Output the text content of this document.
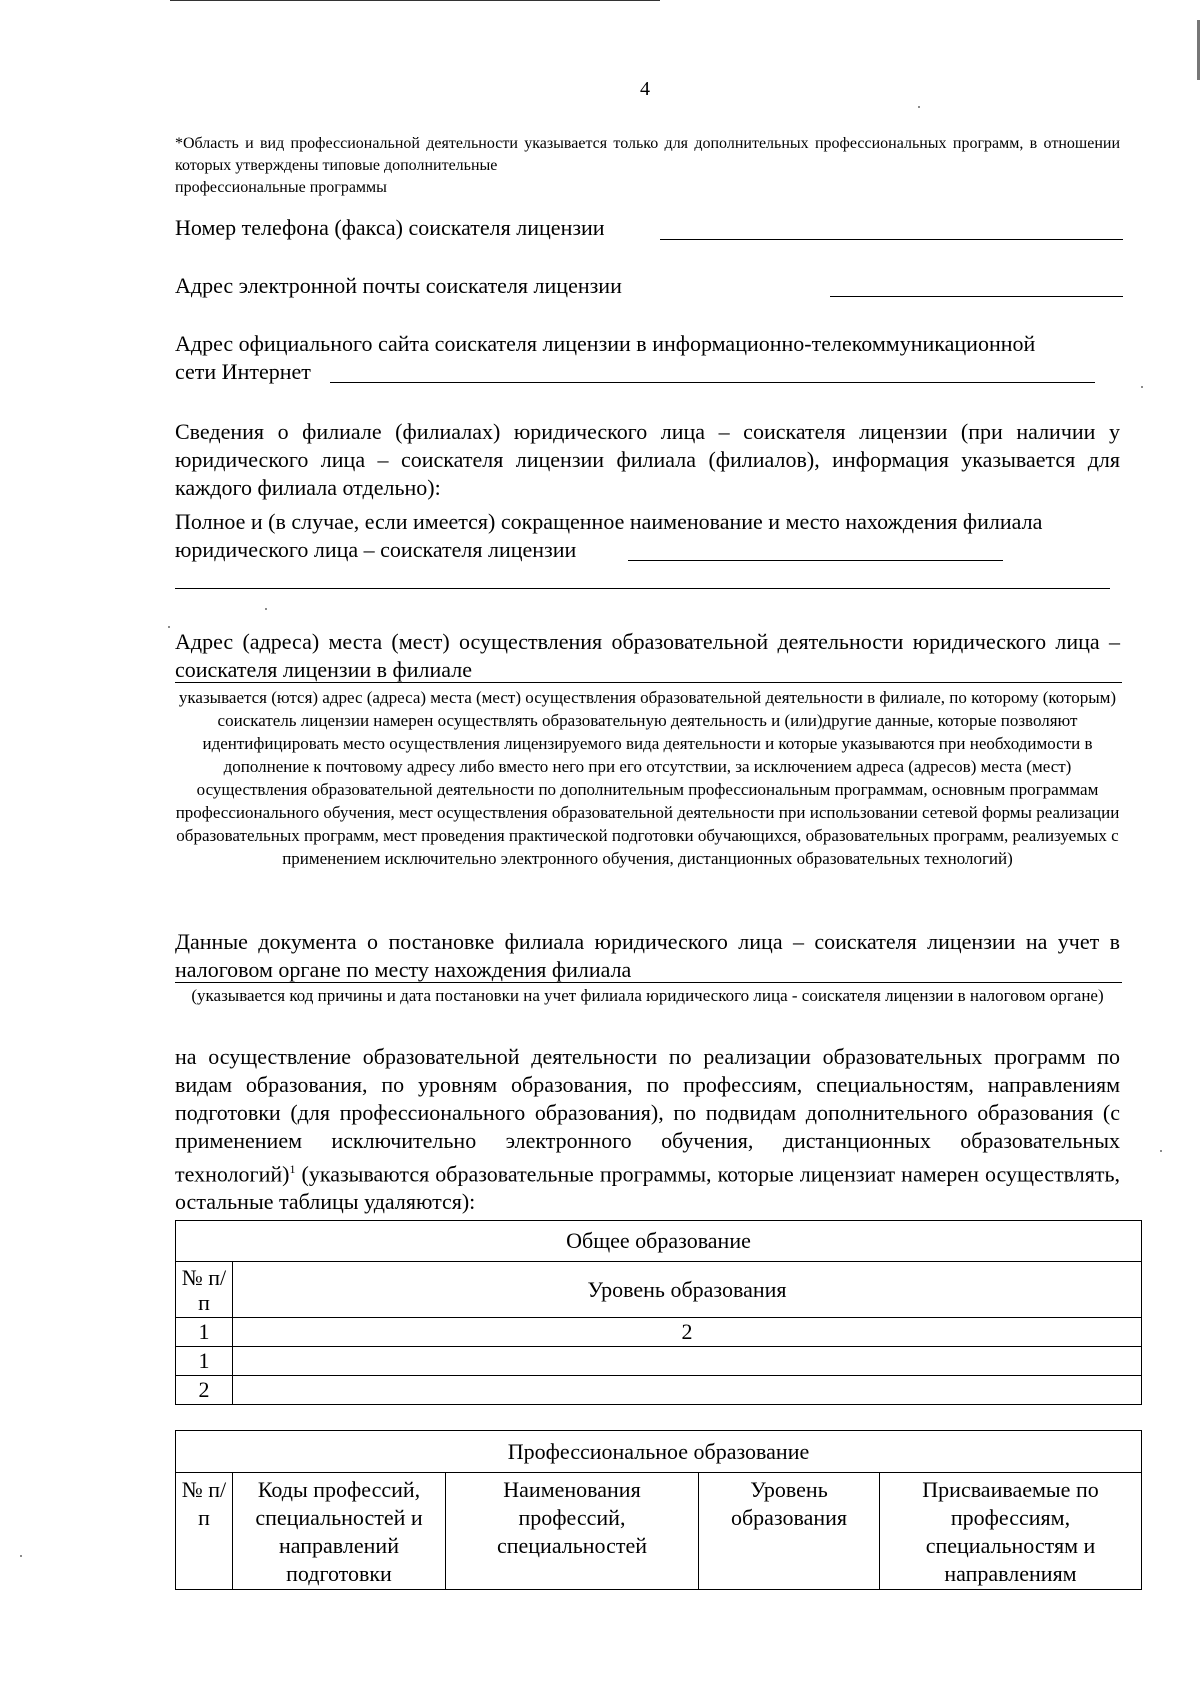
4
*Область и вид профессиональной деятельности указывается только для дополнительных профессиональных программ, в отношении которых утверждены типовые дополнительные
профессиональные программы
Номер телефона (факса) соискателя лицензии
Адрес электронной почты соискателя лицензии
Адрес официального сайта соискателя лицензии в информационно-телекоммуникационной
сети Интернет
Сведения о филиале (филиалах) юридического лица – соискателя лицензии (при наличии у юридического лица – соискателя лицензии филиала (филиалов), информация указывается для каждого филиала отдельно):
Полное и (в случае, если имеется) сокращенное наименование и место нахождения филиала
юридического лица – соискателя лицензии
Адрес (адреса) места (мест) осуществления образовательной деятельности юридического лица – соискателя лицензии в филиале
указывается (ются) адрес (адреса) места (мест) осуществления образовательной деятельности в филиале, по которому (которым) соискатель лицензии намерен осуществлять образовательную деятельность и (или)другие данные, которые позволяют идентифицировать место осуществления лицензируемого вида деятельности и которые указываются при необходимости в дополнение к почтовому адресу либо вместо него при его отсутствии, за исключением адреса (адресов) места (мест) осуществления образовательной деятельности по дополнительным профессиональным программам, основным программам профессионального обучения, мест осуществления образовательной деятельности при использовании сетевой формы реализации образовательных программ, мест проведения практической подготовки обучающихся, образовательных программ, реализуемых с применением исключительно электронного обучения, дистанционных образовательных технологий)
Данные документа о постановке филиала юридического лица – соискателя лицензии на учет в налоговом органе по месту нахождения филиала
(указывается код причины и дата постановки на учет филиала юридического лица - соискателя лицензии в налоговом органе)
на осуществление образовательной деятельности по реализации образовательных программ по видам образования, по уровням образования, по профессиям, специальностям, направлениям подготовки (для профессионального образования), по подвидам дополнительного образования (с применением исключительно электронного обучения, дистанционных образовательных технологий)$^1$ (указываются образовательные программы, которые лицензиат намерен осуществлять, остальные таблицы удаляются):
Общее образование	
№ п/п	Уровень образования
1	2
1	
2	
Профессиональное образование
№ п/п	Коды профессий, специальностей и направлений подготовки	Наименования профессий, специальностей	Уровень образования	Присваиваемые по профессиям, специальностям и направлениям
